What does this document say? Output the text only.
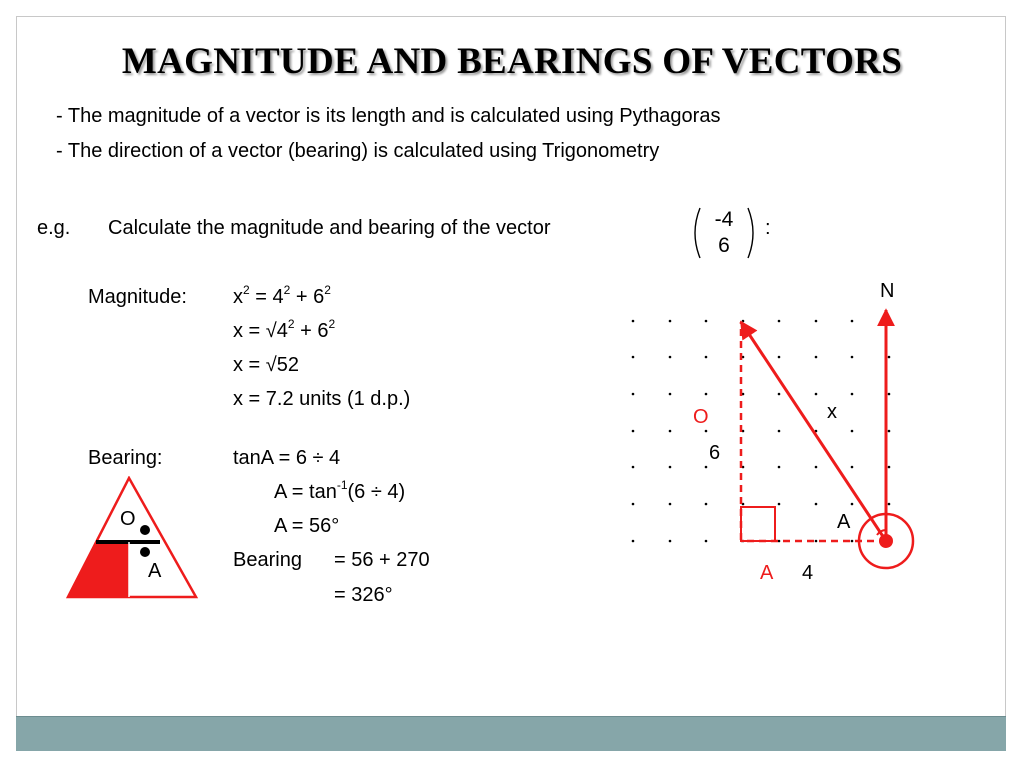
MAGNITUDE AND BEARINGS OF VECTORS
- The magnitude of a vector is its length and is calculated using Pythagoras
- The direction of a vector (bearing) is calculated using Trigonometry
e.g. Calculate the magnitude and bearing of the vector	-4
6
:
Magnitude: $x^2 = 4^2 + 6^2$
$x = √4^2 + 6^2$
x = √52
x = 7.2 units (1 d.p.)
Bearing:	tanA = 6 ÷ 4
$A = \tan^{-1}(6 \div 4)$
A = 56°
Bearing = 56 + 270
= 326°
O
A
N
x
O
6
A
A 4
